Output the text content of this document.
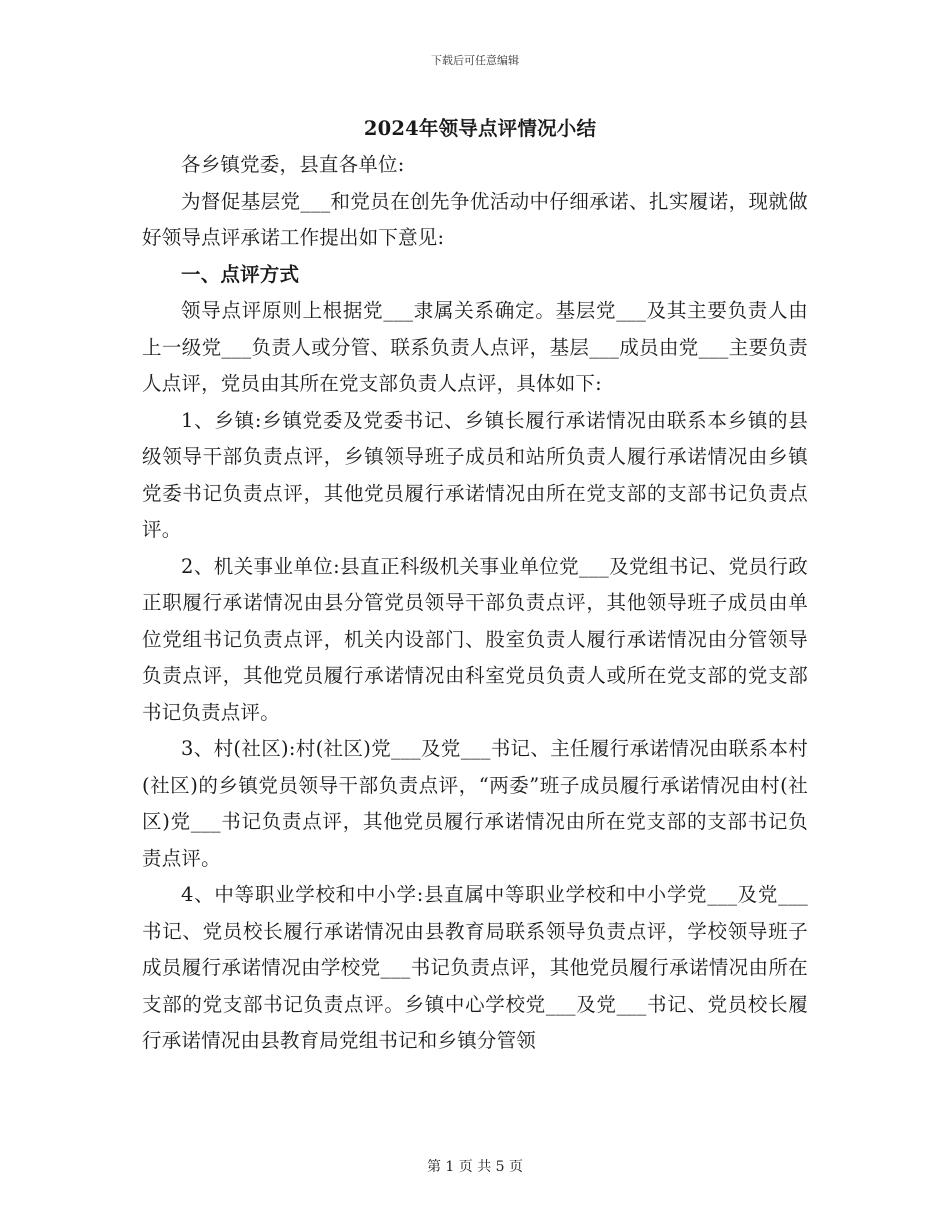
下载后可任意编辑
2024年领导点评情况小结

各乡镇党委，县直各单位:

为督促基层党___和党员在创先争优活动中仔细承诺、扎实履诺，现就做好领导点评承诺工作提出如下意见:

一、点评方式

领导点评原则上根据党___隶属关系确定。基层党___及其主要负责人由上一级党___负责人或分管、联系负责人点评，基层___成员由党___主要负责人点评，党员由其所在党支部负责人点评，具体如下:

1、乡镇:乡镇党委及党委书记、乡镇长履行承诺情况由联系本乡镇的县级领导干部负责点评，乡镇领导班子成员和站所负责人履行承诺情况由乡镇党委书记负责点评，其他党员履行承诺情况由所在党支部的支部书记负责点评。

2、机关事业单位:县直正科级机关事业单位党___及党组书记、党员行政正职履行承诺情况由县分管党员领导干部负责点评，其他领导班子成员由单位党组书记负责点评，机关内设部门、股室负责人履行承诺情况由分管领导负责点评，其他党员履行承诺情况由科室党员负责人或所在党支部的党支部书记负责点评。

3、村(社区):村(社区)党___及党___书记、主任履行承诺情况由联系本村(社区)的乡镇党员领导干部负责点评，“两委”班子成员履行承诺情况由村(社区)党___书记负责点评，其他党员履行承诺情况由所在党支部的支部书记负责点评。

4、中等职业学校和中小学:县直属中等职业学校和中小学党___及党___书记、党员校长履行承诺情况由县教育局联系领导负责点评，学校领导班子成员履行承诺情况由学校党___书记负责点评，其他党员履行承诺情况由所在支部的党支部书记负责点评。乡镇中心学校党___及党___书记、党员校长履行承诺情况由县教育局党组书记和乡镇分管领

第 1 页 共 5 页
